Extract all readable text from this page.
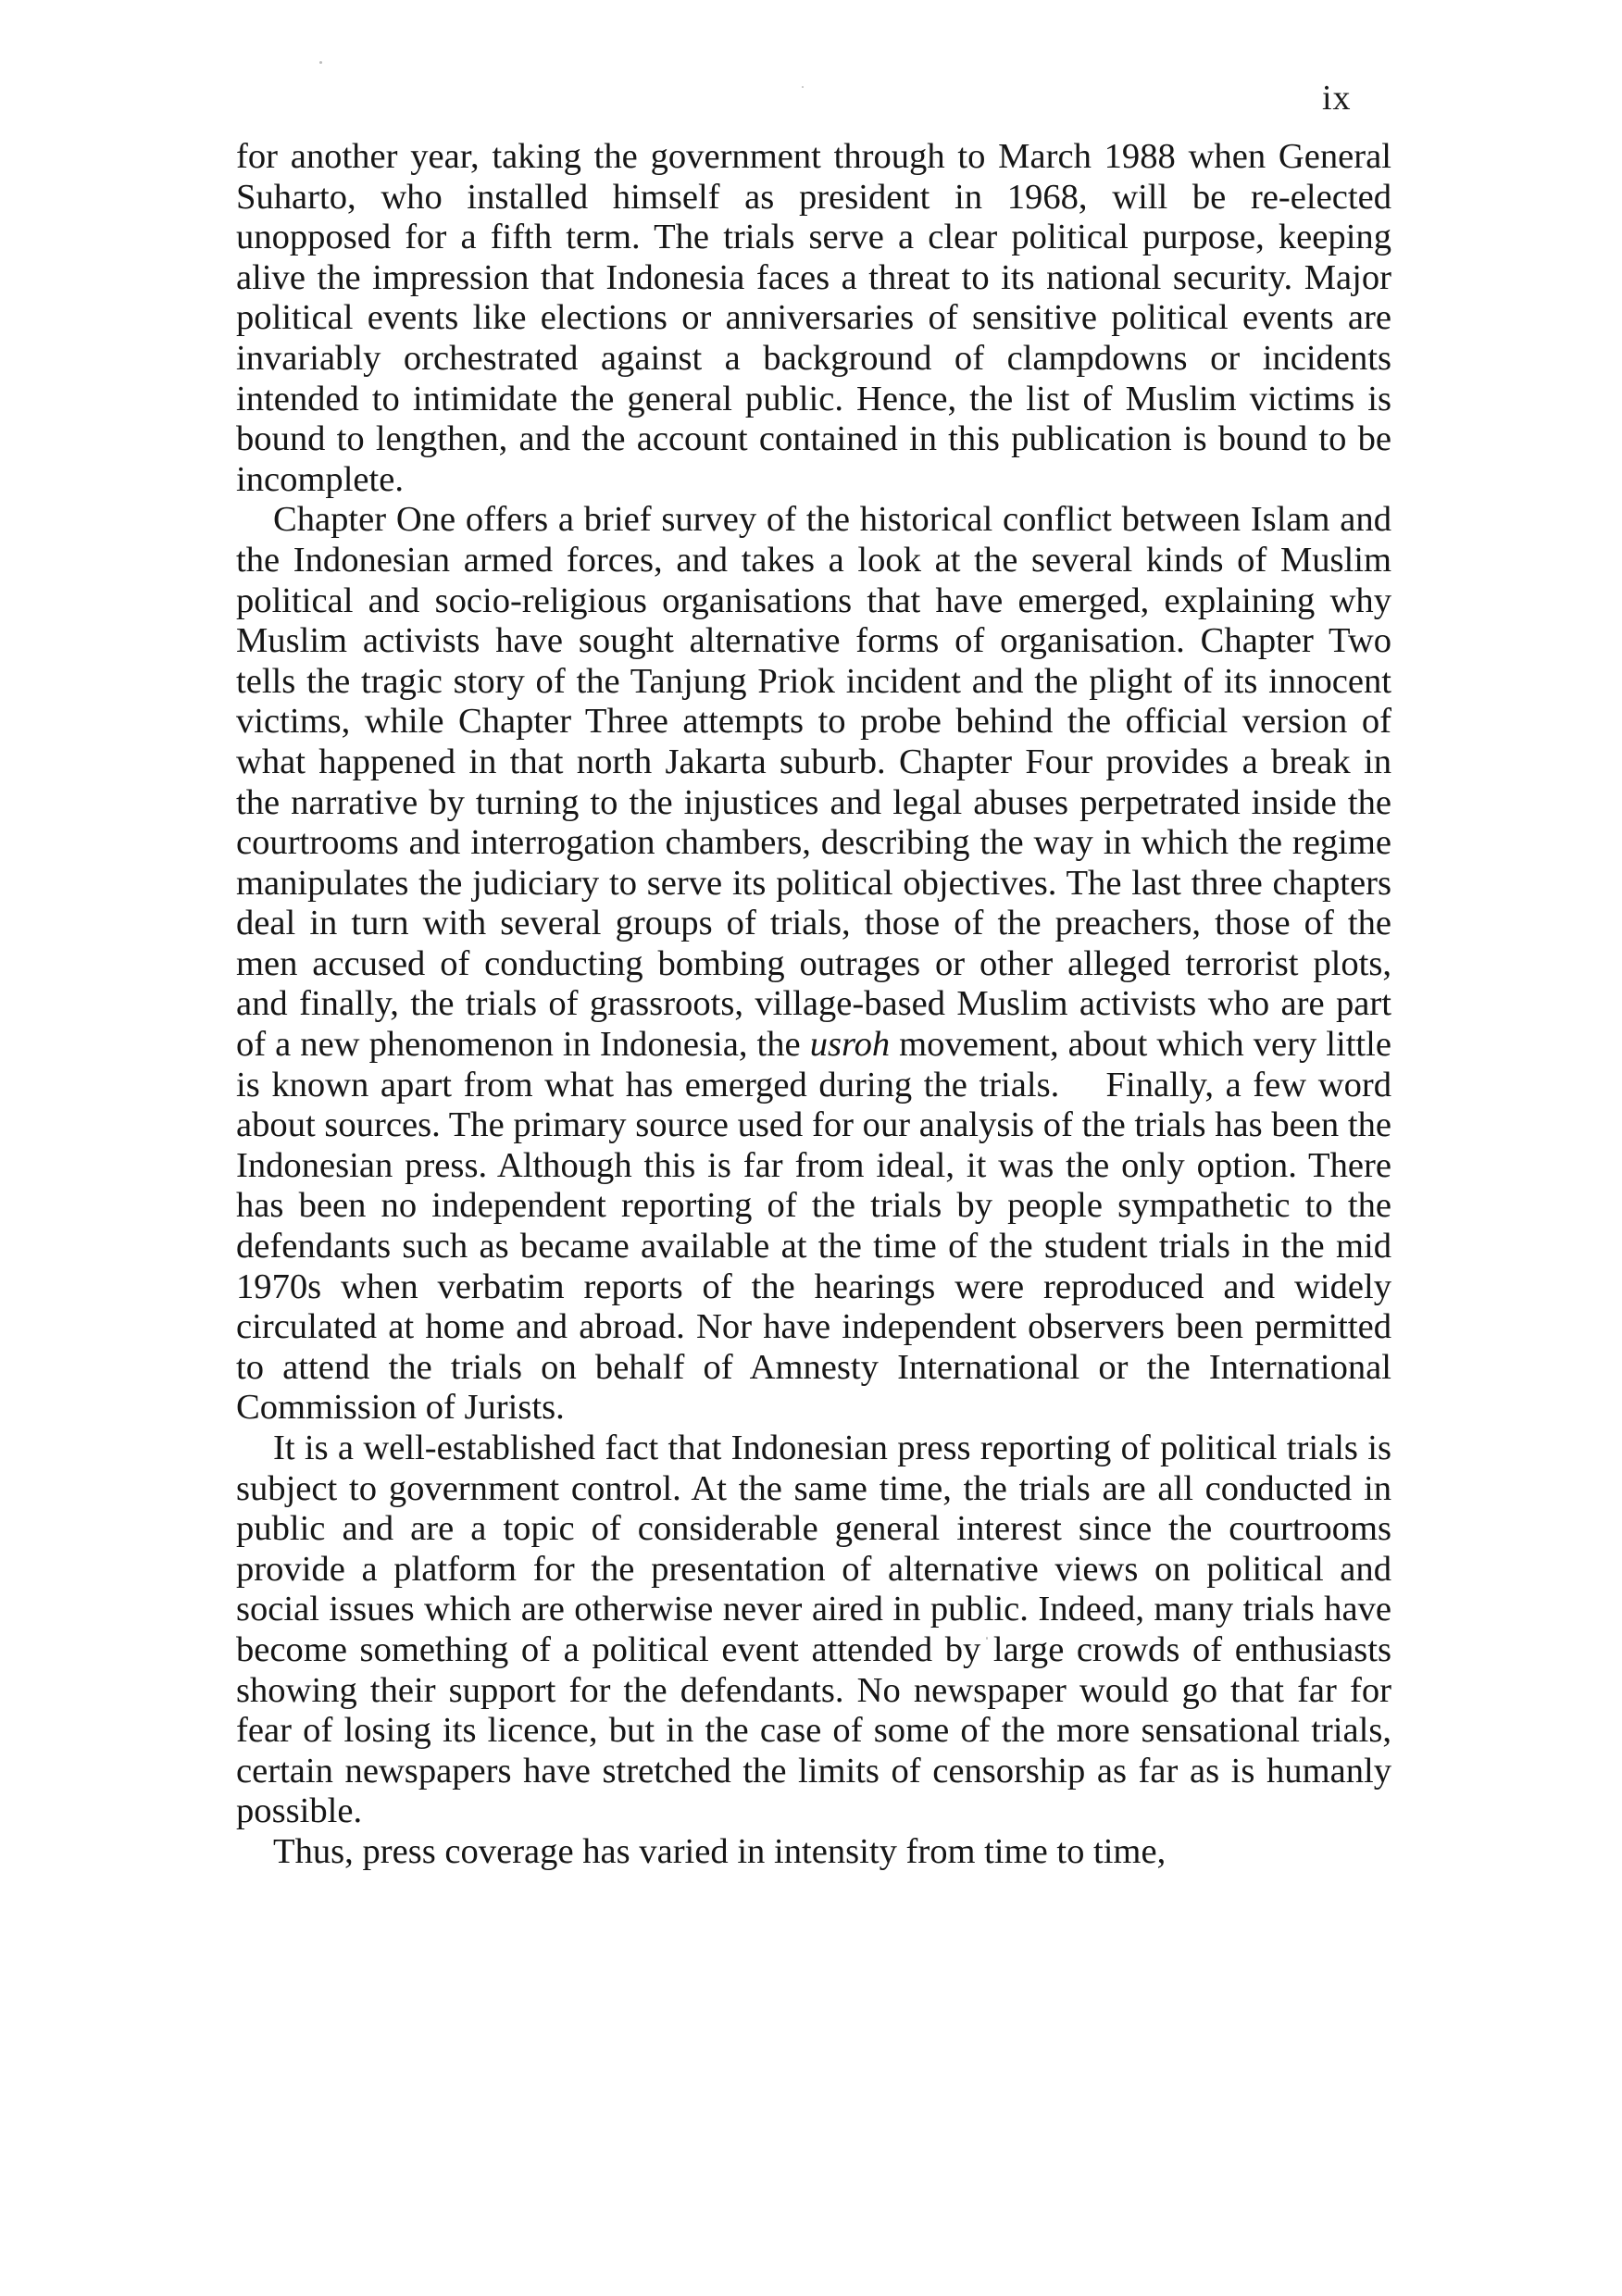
ix

for another year, taking the government through to March 1988 when General Suharto, who installed himself as president in 1968, will be re-elected unopposed for a fifth term. The trials serve a clear political purpose, keeping alive the impression that Indonesia faces a threat to its national security. Major political events like elections or anniversaries of sensitive political events are invariably orchestrated against a background of clampdowns or incidents intended to intimidate the general public. Hence, the list of Muslim victims is bound to lengthen, and the account contained in this publication is bound to be incomplete.

Chapter One offers a brief survey of the historical conflict between Islam and the Indonesian armed forces, and takes a look at the several kinds of Muslim political and socio-religious organisations that have emerged, explaining why Muslim activists have sought alternative forms of organisation. Chapter Two tells the tragic story of the Tanjung Priok incident and the plight of its innocent victims, while Chapter Three attempts to probe behind the official version of what happened in that north Jakarta suburb. Chapter Four provides a break in the narrative by turning to the injustices and legal abuses perpetrated inside the courtrooms and interrogation chambers, describing the way in which the regime manipulates the judiciary to serve its political objectives. The last three chapters deal in turn with several groups of trials, those of the preachers, those of the men accused of conducting bombing outrages or other alleged terrorist plots, and finally, the trials of grassroots, village-based Muslim activists who are part of a new phenomenon in Indonesia, the usroh movement, about which very little is known apart from what has emerged during the trials.    Finally, a few word about sources. The primary source used for our analysis of the trials has been the Indonesian press. Although this is far from ideal, it was the only option. There has been no independent reporting of the trials by people sympathetic to the defendants such as became available at the time of the student trials in the mid 1970s when verbatim reports of the hearings were reproduced and widely circulated at home and abroad. Nor have independent observers been permitted to attend the trials on behalf of Amnesty International or the International Commission of Jurists.

It is a well-established fact that Indonesian press reporting of political trials is subject to government control. At the same time, the trials are all conducted in public and are a topic of considerable general interest since the courtrooms provide a platform for the presentation of alternative views on political and social issues which are otherwise never aired in public. Indeed, many trials have become something of a political event attended by large crowds of enthusiasts showing their support for the defendants. No newspaper would go that far for fear of losing its licence, but in the case of some of the more sensational trials, certain newspapers have stretched the limits of censorship as far as is humanly possible.

Thus, press coverage has varied in intensity from time to time,
